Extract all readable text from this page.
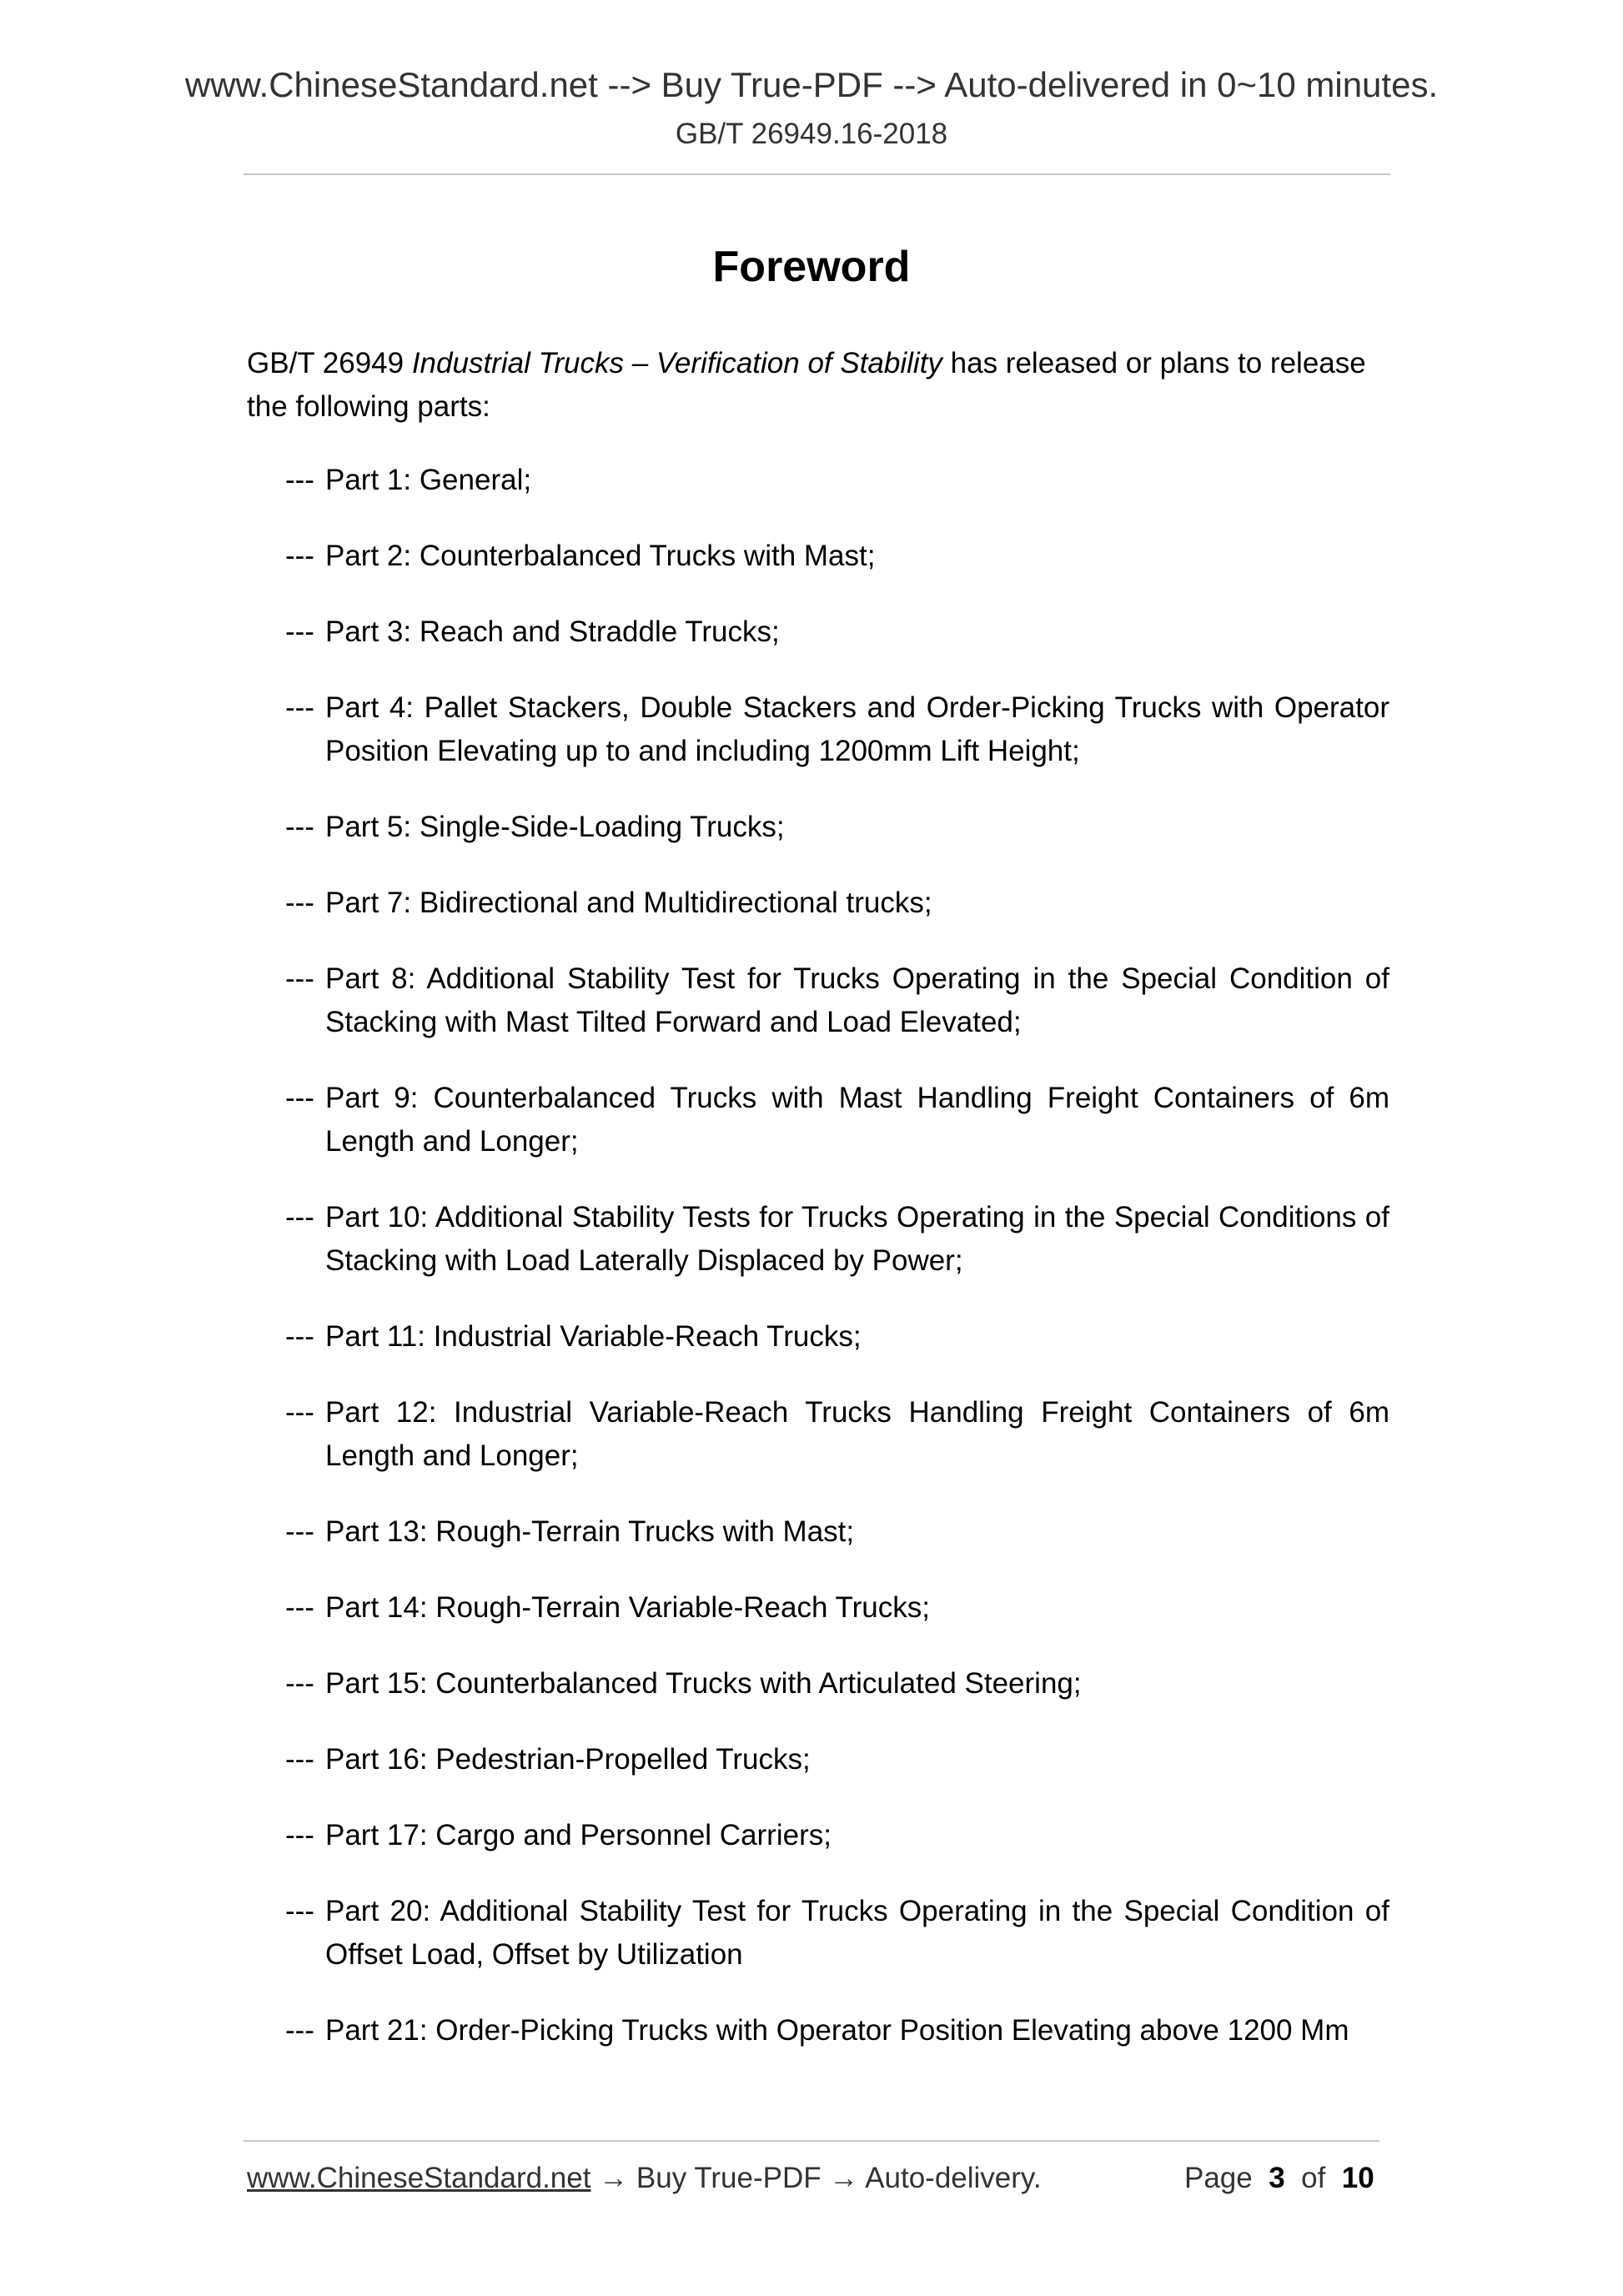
www.ChineseStandard.net --> Buy True-PDF --> Auto-delivered in 0~10 minutes.
GB/T 26949.16-2018
Foreword
GB/T 26949 Industrial Trucks – Verification of Stability has released or plans to release the following parts:
--- Part 1: General;
--- Part 2: Counterbalanced Trucks with Mast;
--- Part 3: Reach and Straddle Trucks;
--- Part 4: Pallet Stackers, Double Stackers and Order-Picking Trucks with Operator Position Elevating up to and including 1200mm Lift Height;
--- Part 5: Single-Side-Loading Trucks;
--- Part 7: Bidirectional and Multidirectional trucks;
--- Part 8: Additional Stability Test for Trucks Operating in the Special Condition of Stacking with Mast Tilted Forward and Load Elevated;
--- Part 9: Counterbalanced Trucks with Mast Handling Freight Containers of 6m Length and Longer;
--- Part 10: Additional Stability Tests for Trucks Operating in the Special Conditions of Stacking with Load Laterally Displaced by Power;
--- Part 11: Industrial Variable-Reach Trucks;
--- Part 12: Industrial Variable-Reach Trucks Handling Freight Containers of 6m Length and Longer;
--- Part 13: Rough-Terrain Trucks with Mast;
--- Part 14: Rough-Terrain Variable-Reach Trucks;
--- Part 15: Counterbalanced Trucks with Articulated Steering;
--- Part 16: Pedestrian-Propelled Trucks;
--- Part 17: Cargo and Personnel Carriers;
--- Part 20: Additional Stability Test for Trucks Operating in the Special Condition of Offset Load, Offset by Utilization
--- Part 21: Order-Picking Trucks with Operator Position Elevating above 1200 Mm
www.ChineseStandard.net → Buy True-PDF → Auto-delivery.	Page 3 of 10
